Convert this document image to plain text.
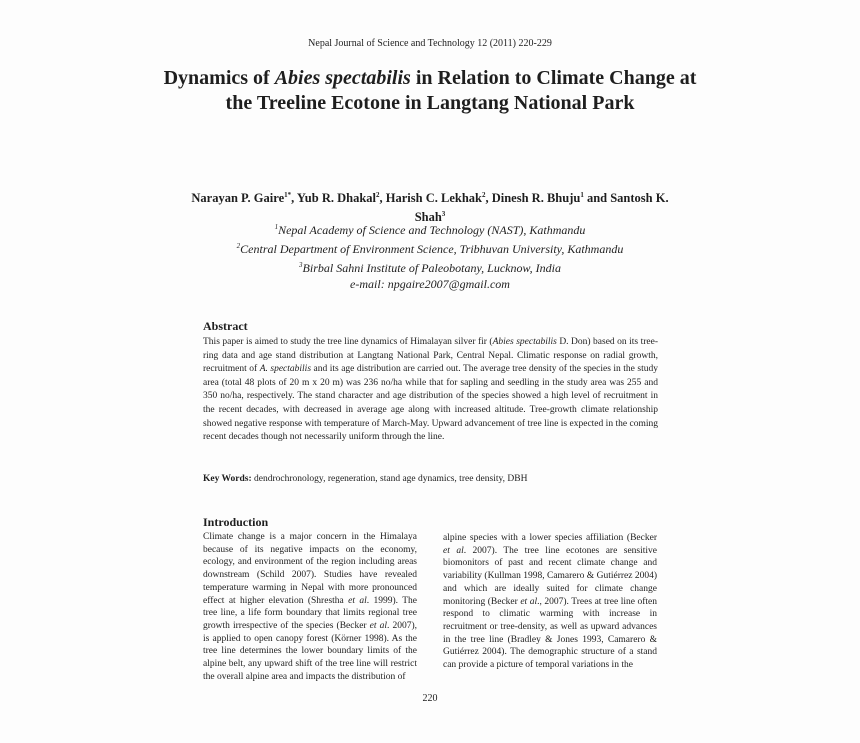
Nepal Journal of Science and Technology 12 (2011) 220-229
Dynamics of Abies spectabilis in Relation to Climate Change at the Treeline Ecotone in Langtang National Park
Narayan P. Gaire$^{1*}$, Yub R. Dhakal$^2$, Harish C. Lekhak$^2$, Dinesh R. Bhuju$^1$ and Santosh K. Shah$^3$
$^1$Nepal Academy of Science and Technology (NAST), Kathmandu
$^2$Central Department of Environment Science, Tribhuvan University, Kathmandu
$^3$Birbal Sahni Institute of Paleobotany, Lucknow, India
e-mail: npgaire2007@gmail.com
Abstract
This paper is aimed to study the tree line dynamics of Himalayan silver fir (Abies spectabilis D. Don) based on its tree-ring data and age stand distribution at Langtang National Park, Central Nepal. Climatic response on radial growth, recruitment of A. spectabilis and its age distribution are carried out. The average tree density of the species in the study area (total 48 plots of 20 m x 20 m) was 236 no/ha while that for sapling and seedling in the study area was 255 and 350 no/ha, respectively. The stand character and age distribution of the species showed a high level of recruitment in the recent decades, with decreased in average age along with increased altitude. Tree-growth climate relationship showed negative response with temperature of March-May. Upward advancement of tree line is expected in the coming recent decades though not necessarily uniform through the line.
Key Words: dendrochronology, regeneration, stand age dynamics, tree density, DBH
Introduction
Climate change is a major concern in the Himalaya because of its negative impacts on the economy, ecology, and environment of the region including areas downstream (Schild 2007). Studies have revealed temperature warming in Nepal with more pronounced effect at higher elevation (Shrestha et al. 1999). The tree line, a life form boundary that limits regional tree growth irrespective of the species (Becker et al. 2007), is applied to open canopy forest (Körner 1998). As the tree line determines the lower boundary limits of the alpine belt, any upward shift of the tree line will restrict the overall alpine area and impacts the distribution of
alpine species with a lower species affiliation (Becker et al. 2007). The tree line ecotones are sensitive biomonitors of past and recent climate change and variability (Kullman 1998, Camarero & Gutiérrez 2004) and which are ideally suited for climate change monitoring (Becker et al., 2007). Trees at tree line often respond to climatic warming with increase in recruitment or tree-density, as well as upward advances in the tree line (Bradley & Jones 1993, Camarero & Gutiérrez 2004). The demographic structure of a stand can provide a picture of temporal variations in the
220
